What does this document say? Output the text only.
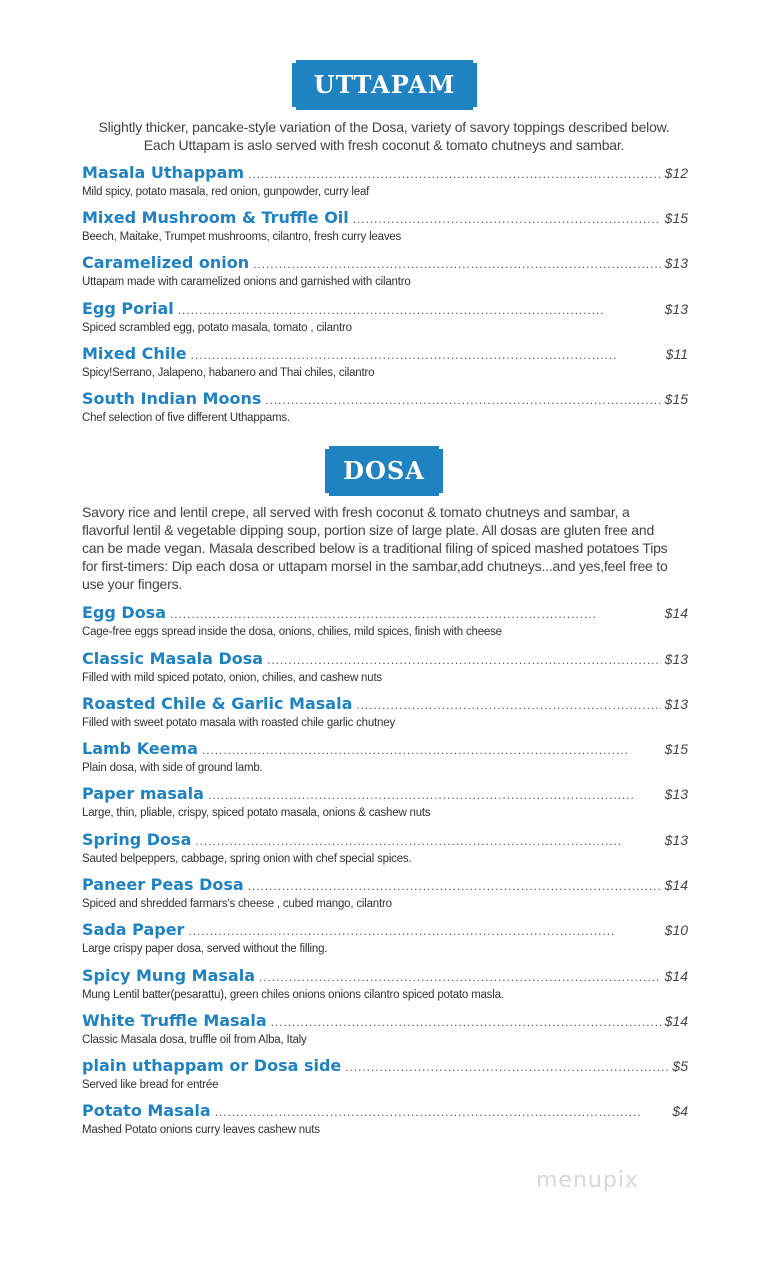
UTTAPAM
Slightly thicker, pancake-style variation of the Dosa, variety of savory toppings described below.
Each Uttapam is aslo served with fresh coconut & tomato chutneys and sambar.
Masala Uthappam . . .	$12
Mild spicy, potato masala, red onion, gunpowder, curry leaf
Mixed Mushroom & Truffle Oil . . .	$15
Beech, Maitake, Trumpet mushrooms, cilantro, fresh curry leaves
Caramelized onion . . .	$13
Uttapam made with caramelized onions and garnished with cilantro
Egg Porial . . .	$13
Spiced scrambled egg, potato masala, tomato , cilantro
Mixed Chile . . .	$11
Spicy!Serrano, Jalapeno, habanero and Thai chiles, cilantro
South Indian Moons . . .	$15
Chef selection of five different Uthappams.
DOSA
Savory rice and lentil crepe, all served with fresh coconut & tomato chutneys and sambar, a
flavorful lentil & vegetable dipping soup, portion size of large plate. All dosas are gluten free and
can be made vegan. Masala described below is a traditional filing of spiced mashed potatoes Tips
for first-timers: Dip each dosa or uttapam morsel in the sambar,add chutneys...and yes,feel free to
use your fingers.
Egg Dosa . . .	$14
Cage-free eggs spread inside the dosa, onions, chilies, mild spices, finish with cheese
Classic Masala Dosa . . .	$13
Filled with mild spiced potato, onion, chilies, and cashew nuts
Roasted Chile & Garlic Masala . . .	$13
Filled with sweet potato masala with roasted chile garlic chutney
Lamb Keema . . .	$15
Plain dosa, with side of ground lamb.
Paper masala . . .	$13
Large, thin, pliable, crispy, spiced potato masala, onions & cashew nuts
Spring Dosa . . .	$13
Sauted belpeppers, cabbage, spring onion with chef special spices.
Paneer Peas Dosa . . .	$14
Spiced and shredded farmars's cheese , cubed mango, cilantro
Sada Paper . . .	$10
Large crispy paper dosa, served without the filling.
Spicy Mung Masala . . .	$14
Mung Lentil batter(pesarattu), green chiles onions onions cilantro spiced potato masla.
White Truffle Masala . . .	$14
Classic Masala dosa, truffle oil from Alba, Italy
plain uthappam or Dosa side . . .	$5
Served like bread for entrée
Potato Masala . . .	$4
Mashed Potato onions curry leaves cashew nuts
menupix
